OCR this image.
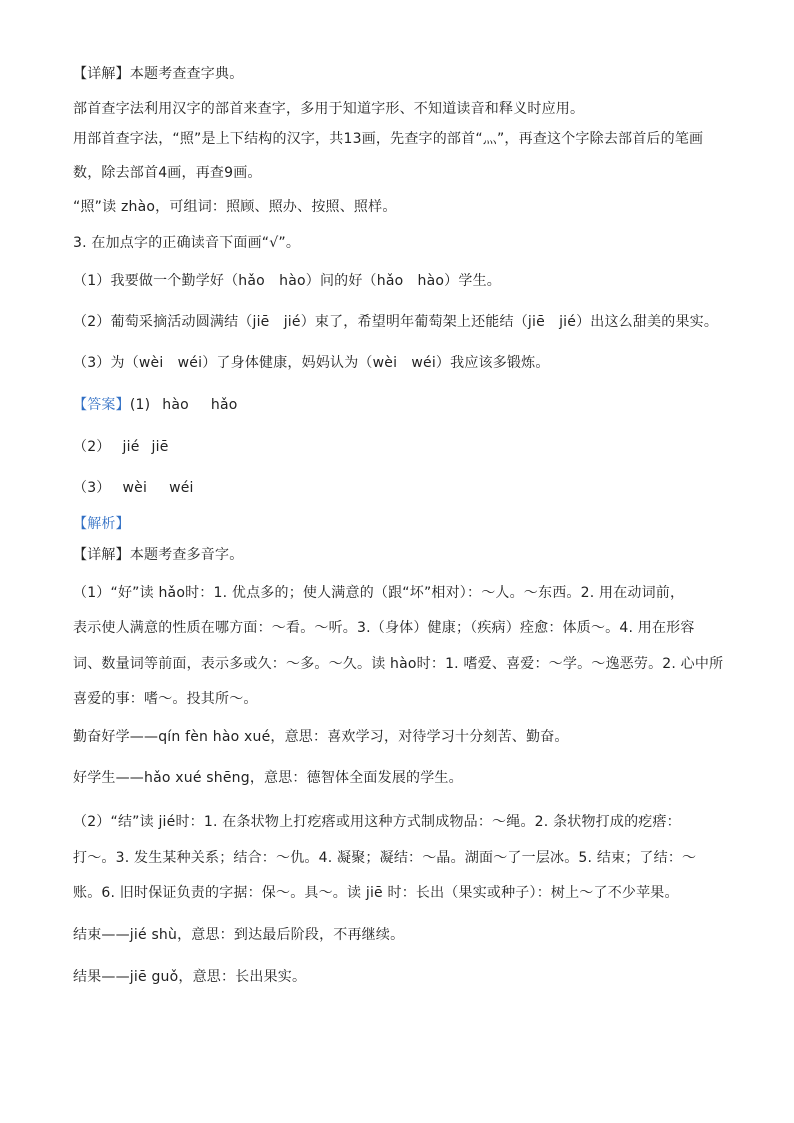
【详解】本题考查查字典。
部首查字法利用汉字的部首来查字，多用于知道字形、不知道读音和释义时应用。
用部首查字法，“照”是上下结构的汉字，共13画，先查字的部首“灬”，再查这个字除去部首后的笔画
数，除去部首4画，再查9画。
“照”读 zhào，可组词：照顾、照办、按照、照样。
3. 在加点字的正确读音下面画“√”。
（1）我要做一个勤学好（hǎo　hào）问的好（hǎo　hào）学生。
（2）葡萄采摘活动圆满结（jiē　jié）束了，希望明年葡萄架上还能结（jiē　jié）出这么甜美的果实。
（3）为（wèi　wéi）了身体健康，妈妈认为（wèi　wéi）我应该多锻炼。
【答案】(1) hào hǎo
（2） jié jiē
（3） wèi wéi
【解析】
【详解】本题考查多音字。
（1）“好”读 hǎo时：1. 优点多的；使人满意的（跟“坏”相对）：～人。～东西。2. 用在动词前，
表示使人满意的性质在哪方面：～看。～听。3.（身体）健康；（疾病）痊愈：体质～。4. 用在形容
词、数量词等前面，表示多或久：～多。～久。读 hào时：1. 嗜爱、喜爱：～学。～逸恶劳。2. 心中所
喜爱的事：嗜～。投其所～。
勤奋好学——qín fèn hào xué，意思：喜欢学习，对待学习十分刻苦、勤奋。
好学生——hǎo xué shēng，意思：德智体全面发展的学生。
（2）“结”读 jié时：1. 在条状物上打疙瘩或用这种方式制成物品：～绳。2. 条状物打成的疙瘩：
打～。3. 发生某种关系；结合：～仇。4. 凝聚；凝结：～晶。湖面～了一层冰。5. 结束；了结：～
账。6. 旧时保证负责的字据：保～。具～。读 jiē 时：长出（果实或种子）：树上～了不少苹果。
结束——jié shù，意思：到达最后阶段，不再继续。
结果——jiē guǒ，意思：长出果实。
